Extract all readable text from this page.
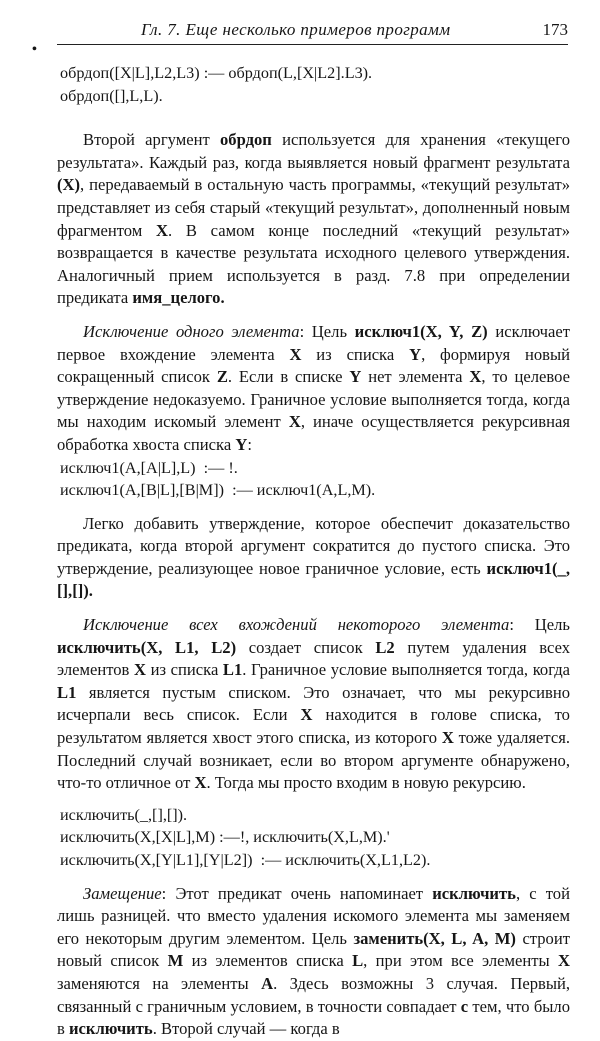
Гл. 7. Еще несколько примеров программ	173
•
обрдоп([X|L],L2,L3) :— обрдоп(L,[X|L2].L3).
обрдоп([],L,L).

Второй аргумент обрдоп используется для хранения «текущего результата». Каждый раз, когда выявляется новый фрагмент результата (X), передаваемый в остальную часть программы, «текущий результат» представляет из себя старый «текущий результат», дополненный новым фрагментом X. В самом конце последний «текущий результат» возвращается в качестве результата исходного целевого утверждения. Аналогичный прием используется в разд. 7.8 при определении предиката имя_целого.

Исключение одного элемента: Цель исключ1(X, Y, Z) исключает первое вхождение элемента X из списка Y, формируя новый сокращенный список Z. Если в списке Y нет элемента X, то целевое утверждение недоказуемо. Граничное условие выполняется тогда, когда мы находим искомый элемент X, иначе осуществляется рекурсивная обработка хвоста списка Y:

исключ1(A,[A|L],L)  :— !.
исключ1(A,[B|L],[B|M])  :— исключ1(A,L,M).

Легко добавить утверждение, которое обеспечит доказательство предиката, когда второй аргумент сократится до пустого списка. Это утверждение, реализующее новое граничное условие, есть исключ1(_,[],[]).

Исключение всех вхождений некоторого элемента: Цель исключить(X, L1, L2) создает список L2 путем удаления всех элементов X из списка L1. Граничное условие выполняется тогда, когда L1 является пустым списком. Это означает, что мы рекурсивно исчерпали весь список. Если X находится в голове списка, то результатом является хвост этого списка, из которого X тоже удаляется. Последний случай возникает, если во втором аргументе обнаружено, что-то отличное от X. Тогда мы просто входим в новую рекурсию.

исключить(_,[],[]).
исключить(X,[X|L],M) :—!, исключить(X,L,M).'
исключить(X,[Y|L1],[Y|L2])  :— исключить(X,L1,L2).

Замещение: Этот предикат очень напоминает исключить, с той лишь разницей. что вместо удаления искомого элемента мы заменяем его некоторым другим элементом. Цель заменить(X, L, A, M) строит новый список M из элементов списка L, при этом все элементы X заменяются на элементы A. Здесь возможны 3 случая. Первый, связанный с граничным условием, в точности совпадает с тем, что было в исключить. Второй случай — когда в
